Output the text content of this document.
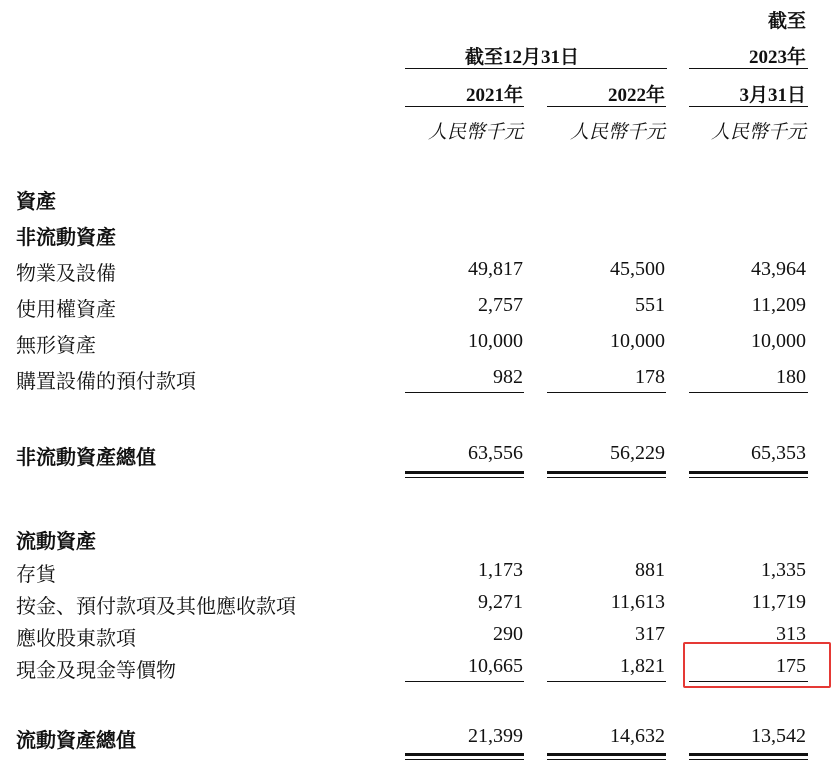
截至
截至12月31日	2023年
2021年	2022年	3月31日
人民幣千元 人民幣千元 人民幣千元
資產
非流動資產
物業及設備	49,817	45,500	43,964
使用權資產	2,757	551	11,209
無形資產	10,000	10,000	10,000
購置設備的預付款項	982	178	180
非流動資產總值	63,556	56,229	65,353
流動資產
存貨	1,173	881	1,335
按金、預付款項及其他應收款項	9,271	11,613	11,719
應收股東款項	290	317	313
現金及現金等價物	10,665	1,821	175
流動資產總值	21,399	14,632	13,542
